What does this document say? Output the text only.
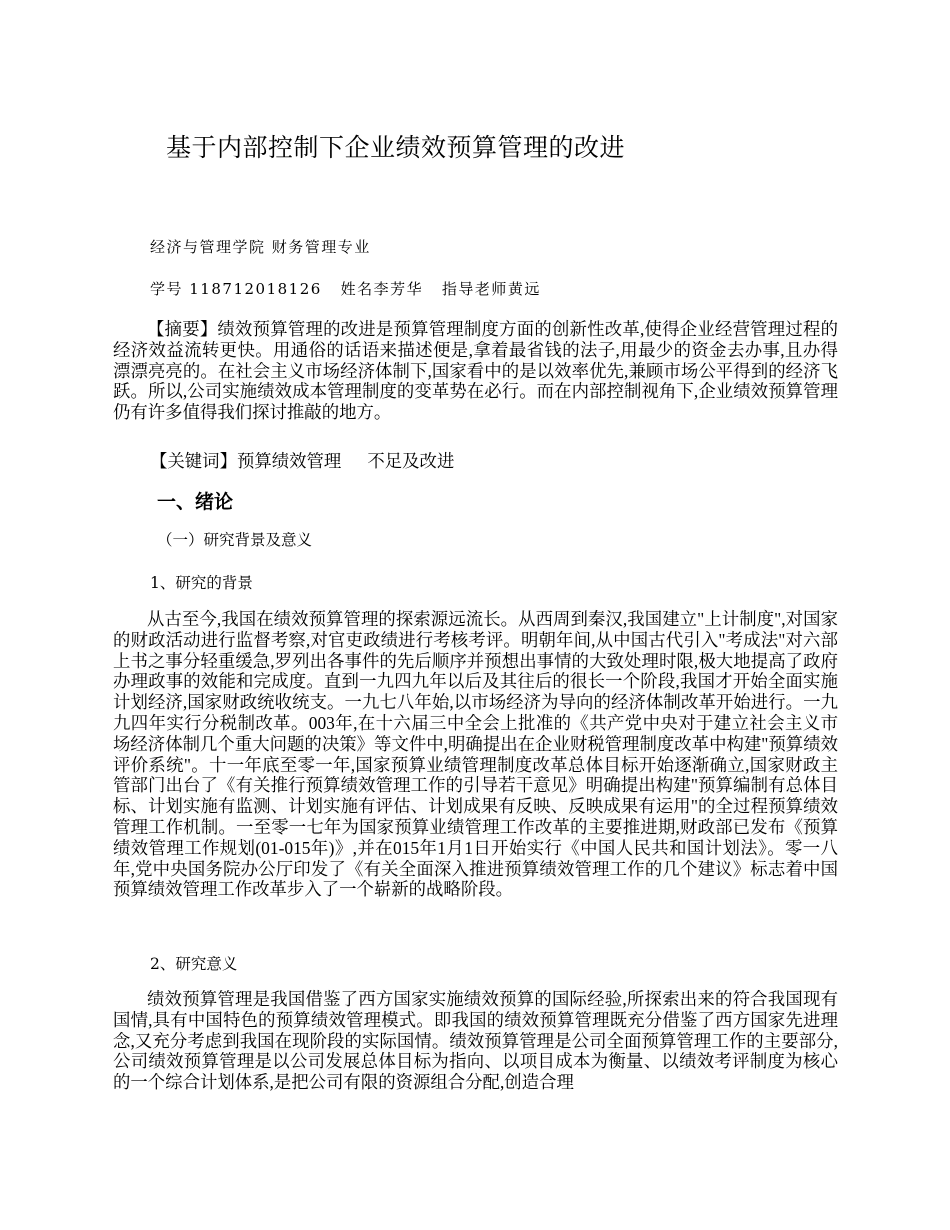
基于内部控制下企业绩效预算管理的改进
经济与管理学院 财务管理专业
学号 118712018126   姓名李芳华   指导老师黄远

【摘要】绩效预算管理的改进是预算管理制度方面的创新性改革,使得企业经营管理过程的经济效益流转更快。用通俗的话语来描述便是,拿着最省钱的法子,用最少的资金去办事,且办得漂漂亮亮的。在社会主义市场经济体制下,国家看中的是以效率优先,兼顾市场公平得到的经济飞跃。所以,公司实施绩效成本管理制度的变革势在必行。而在内部控制视角下,企业绩效预算管理仍有许多值得我们探讨推敲的地方。

【关键词】预算绩效管理      不足及改进
一、绪论
（一）研究背景及意义
1、研究的背景

从古至今,我国在绩效预算管理的探索源远流长。从西周到秦汉,我国建立"上计制度",对国家的财政活动进行监督考察,对官吏政绩进行考核考评。明朝年间,从中国古代引入"考成法"对六部上书之事分轻重缓急,罗列出各事件的先后顺序并预想出事情的大致处理时限,极大地提高了政府办理政事的效能和完成度。直到一九四九年以后及其往后的很长一个阶段,我国才开始全面实施计划经济,国家财政统收统支。一九七八年始,以市场经济为导向的经济体制改革开始进行。一九九四年实行分税制改革。003年,在十六届三中全会上批准的《共产党中央对于建立社会主义市场经济体制几个重大问题的决策》等文件中,明确提出在企业财税管理制度改革中构建"预算绩效评价系统"。十一年底至零一年,国家预算业绩管理制度改革总体目标开始逐渐确立,国家财政主管部门出台了《有关推行预算绩效管理工作的引导若干意见》明确提出构建"预算编制有总体目标、计划实施有监测、计划实施有评估、计划成果有反映、反映成果有运用"的全过程预算绩效管理工作机制。一至零一七年为国家预算业绩管理工作改革的主要推进期,财政部已发布《预算绩效管理工作规划(01-015年)》,并在015年1月1日开始实行《中国人民共和国计划法》。零一八年,党中央国务院办公厅印发了《有关全面深入推进预算绩效管理工作的几个建议》标志着中国预算绩效管理工作改革步入了一个崭新的战略阶段。

2、研究意义

绩效预算管理是我国借鉴了西方国家实施绩效预算的国际经验,所探索出来的符合我国现有国情,具有中国特色的预算绩效管理模式。即我国的绩效预算管理既充分借鉴了西方国家先进理念,又充分考虑到我国在现阶段的实际国情。绩效预算管理是公司全面预算管理工作的主要部分,公司绩效预算管理是以公司发展总体目标为指向、以项目成本为衡量、以绩效考评制度为核心的一个综合计划体系,是把公司有限的资源组合分配,创造合理
